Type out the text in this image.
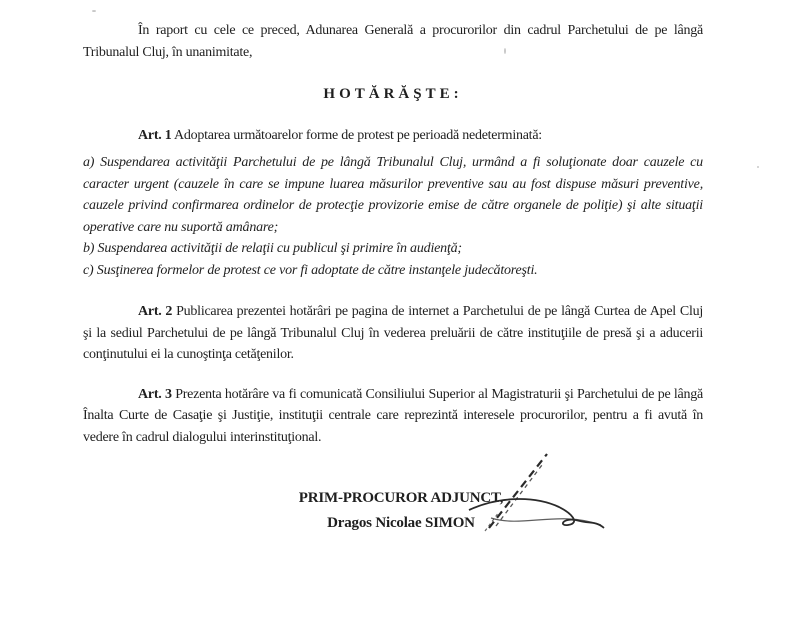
În raport cu cele ce preced, Adunarea Generală a procurorilor din cadrul Parchetului de pe lângă Tribunalul Cluj, în unanimitate,

HOTĂRĂŞTE:

Art. 1 Adoptarea următoarelor forme de protest pe perioadă nedeterminată:

a) Suspendarea activităţii Parchetului de pe lângă Tribunalul Cluj, urmând a fi soluţionate doar cauzele cu caracter urgent (cauzele în care se impune luarea măsurilor preventive sau au fost dispuse măsuri preventive, cauzele privind confirmarea ordinelor de protecţie provizorie emise de către organele de poliţie) şi alte situaţii operative care nu suportă amânare;

b) Suspendarea activităţii de relaţii cu publicul şi primire în audienţă;

c) Susţinerea formelor de protest ce vor fi adoptate de către instanţele judecătoreşti.

Art. 2 Publicarea prezentei hotărâri pe pagina de internet a Parchetului de pe lângă Curtea de Apel Cluj şi la sediul Parchetului de pe lângă Tribunalul Cluj în vederea preluării de către instituţiile de presă şi a aducerii conţinutului ei la cunoştinţa cetăţenilor.

Art. 3 Prezenta hotărâre va fi comunicată Consiliului Superior al Magistraturii şi Parchetului de pe lângă Înalta Curte de Casaţie şi Justiţie, instituţii centrale care reprezintă interesele procurorilor, pentru a fi avută în vedere în cadrul dialogului interinstituţional.

PRIM-PROCUROR ADJUNCT,
Dragos Nicolae SIMON
